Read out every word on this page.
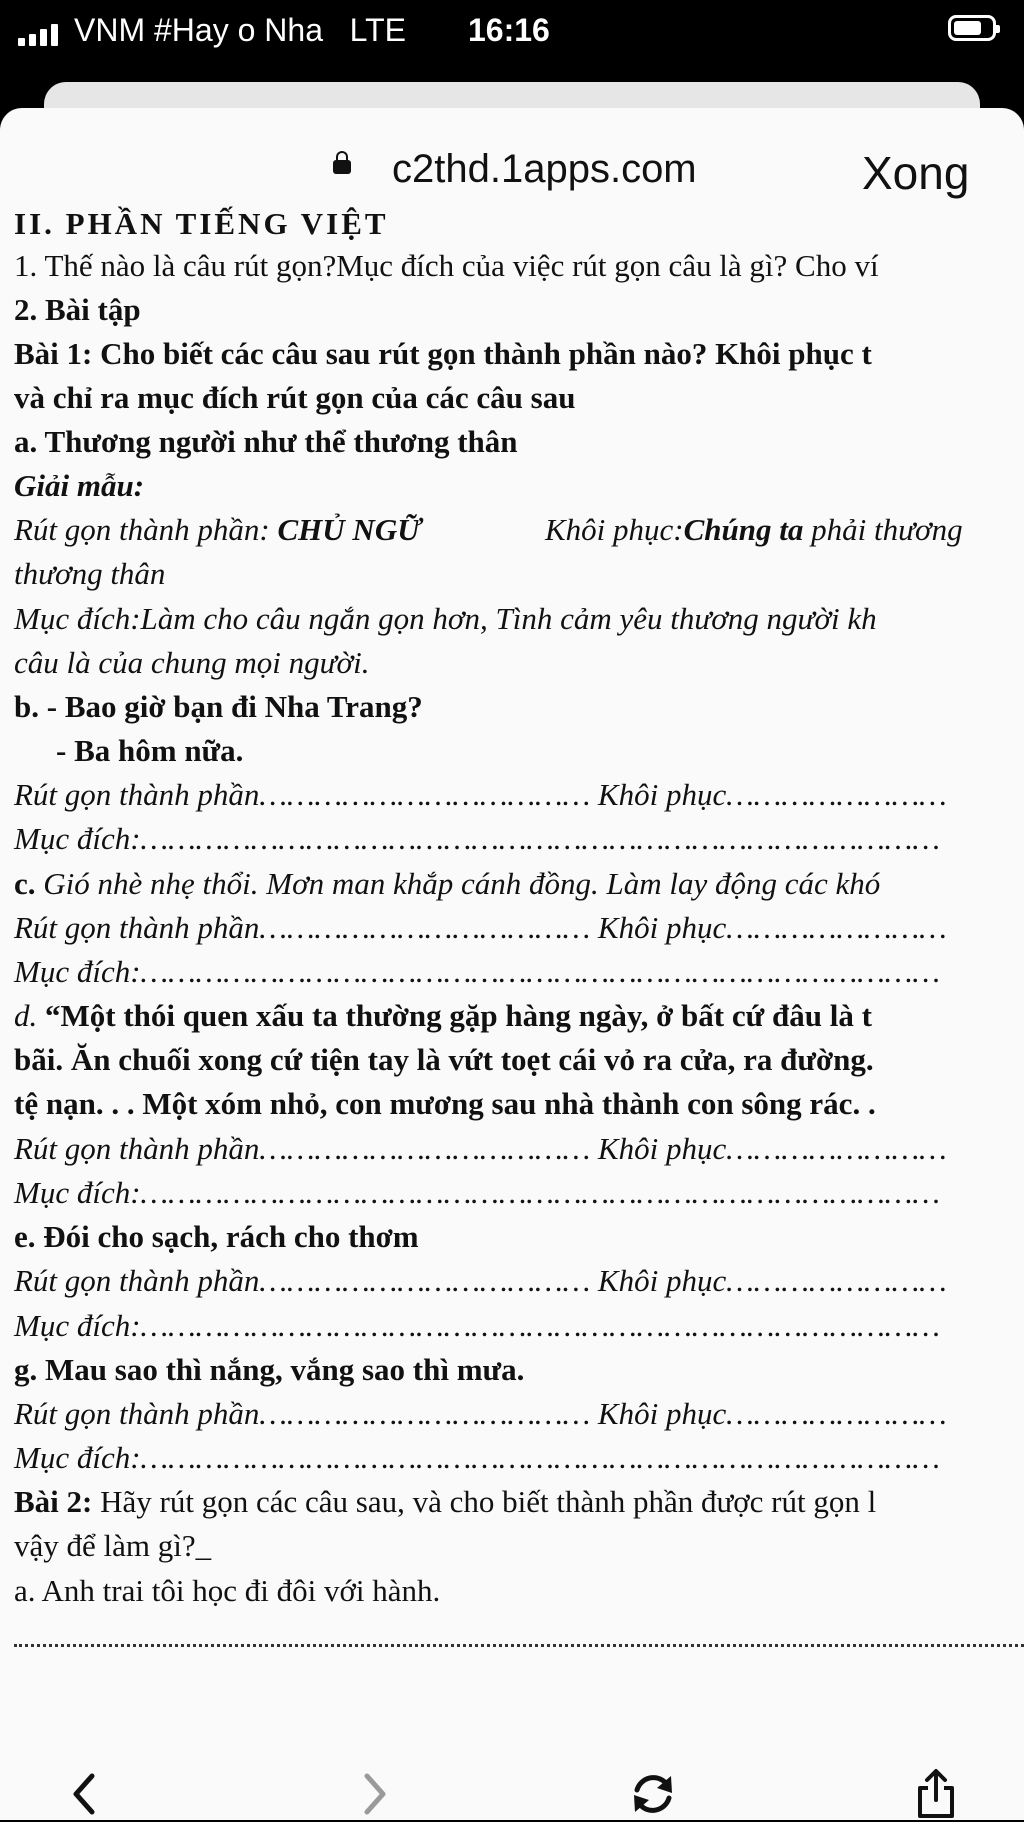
VNM #Hay o Nha   LTE 16:16
c2thd.1apps.com	Xong
II. PHẦN TIẾNG VIỆT
1. Thế nào là câu rút gọn?Mục đích của việc rút gọn câu là gì? Cho ví
2. Bài tập
Bài 1: Cho biết các câu sau rút gọn thành phần nào? Khôi phục t
và chỉ ra mục đích rút gọn của các câu sau
a. Thương người như thể thương thân
Giải mẫu:
Rút gọn thành phần: CHỦ NGỮ	Khôi phục:Chúng ta phải thương
thương thân
Mục đích:Làm cho câu ngắn gọn hơn, Tình cảm yêu thương người kh
câu là của chung mọi người.
b. - Bao giờ bạn đi Nha Trang?
- Ba hôm nữa.
Rút gọn thành phần……………………………… Khôi phục……………………
Mục đích:……………………………………………………………………………
c. Gió nhè nhẹ thổi. Mơn man khắp cánh đồng. Làm lay động các khó
Rút gọn thành phần……………………………… Khôi phục……………………
Mục đích:……………………………………………………………………………
d. “Một thói quen xấu ta thường gặp hàng ngày, ở bất cứ đâu là t
bãi. Ăn chuối xong cứ tiện tay là vứt toẹt cái vỏ ra cửa, ra đường.
tệ nạn. . . Một xóm nhỏ, con mương sau nhà thành con sông rác. .
Rút gọn thành phần……………………………… Khôi phục……………………
Mục đích:……………………………………………………………………………
e. Đói cho sạch, rách cho thơm
Rút gọn thành phần……………………………… Khôi phục……………………
Mục đích:……………………………………………………………………………
g. Mau sao thì nắng, vắng sao thì mưa.
Rút gọn thành phần……………………………… Khôi phục……………………
Mục đích:……………………………………………………………………………
Bài 2: Hãy rút gọn các câu sau, và cho biết thành phần được rút gọn l
vậy để làm gì?_
a. Anh trai tôi học đi đôi với hành.
